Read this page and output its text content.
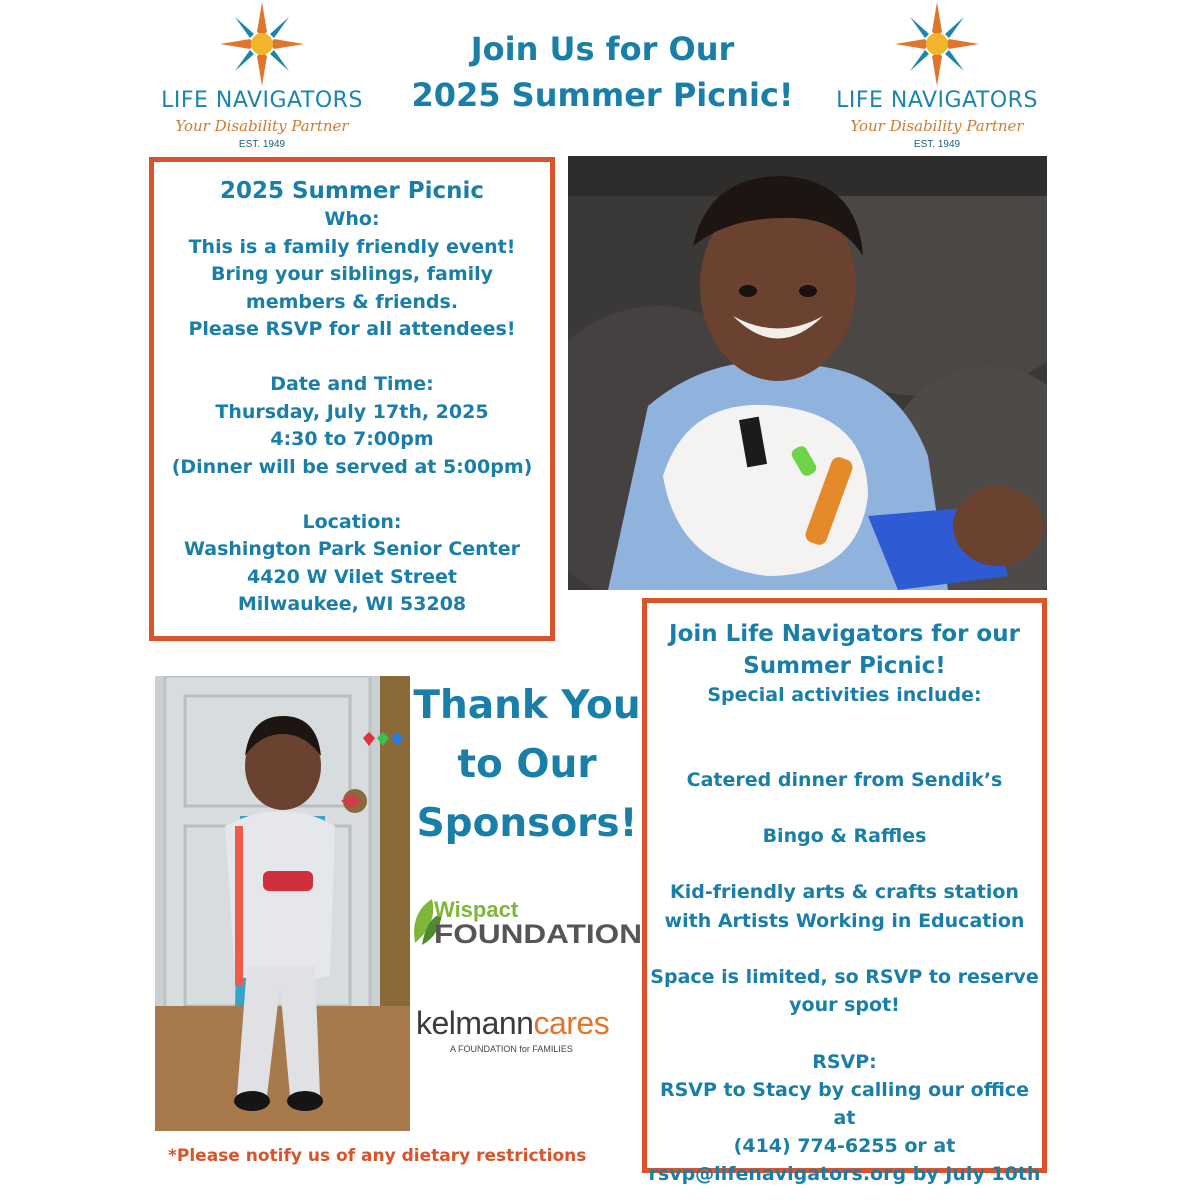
LIFE NAVIGATORS
Your Disability Partner
EST. 1949
LIFE NAVIGATORS
Your Disability Partner
EST. 1949
Join Us for Our
2025 Summer Picnic!
2025 Summer Picnic
Who:
This is a family friendly event!
Bring your siblings, family
members & friends.
Please RSVP for all attendees!

Date and Time:
Thursday, July 17th, 2025
4:30 to 7:00pm
(Dinner will be served at 5:00pm)

Location:
Washington Park Senior Center
4420 W Vilet Street
Milwaukee, WI 53208
Thank You
to Our
Sponsors!
Wispact
FOUNDATION
kelmanncares
A FOUNDATION for FAMILIES
Join Life Navigators for our
Summer Picnic!
Special activities include:

Catered dinner from Sendik’s

Bingo & Raffles

Kid-friendly arts & crafts station
with Artists Working in Education

Space is limited, so RSVP to reserve
your spot!

RSVP:
RSVP to Stacy by calling our office at
(414) 774-6255 or at
rsvp@lifenavigators.org by July 10th
*Please notify us of any dietary restrictions
